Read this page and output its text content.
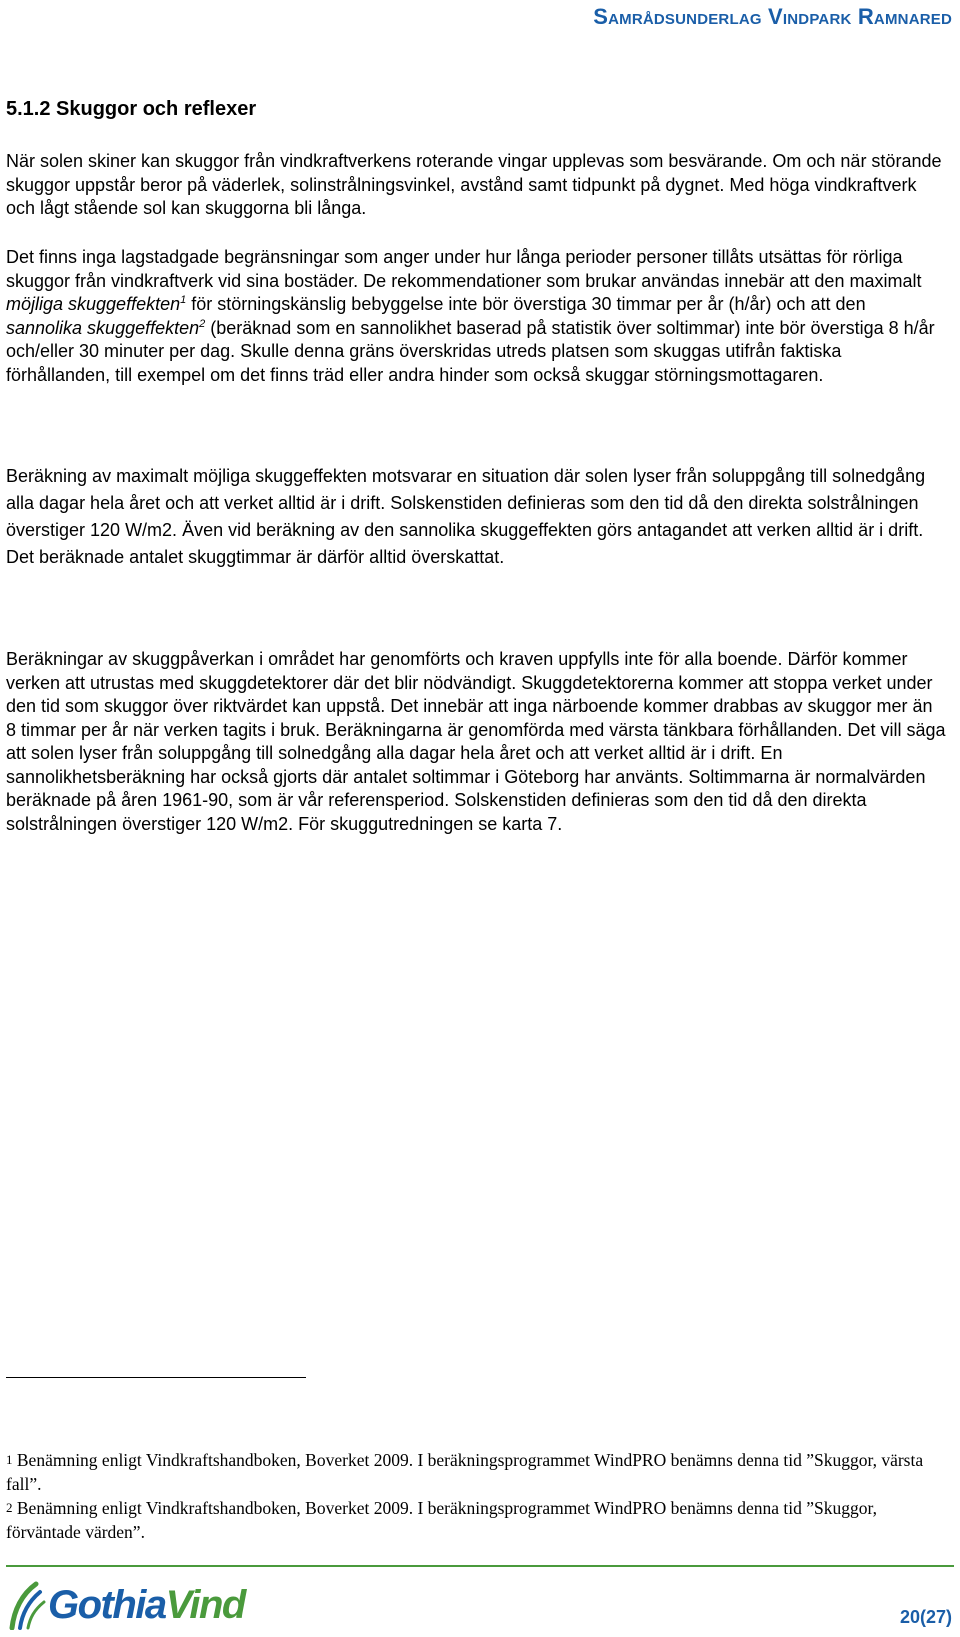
Samrådsunderlag Vindpark Ramnared
5.1.2 Skuggor och reflexer

När solen skiner kan skuggor från vindkraftverkens roterande vingar upplevas som besvärande. Om och när störande skuggor uppstår beror på väderlek, solinstrålningsvinkel, avstånd samt tidpunkt på dygnet. Med höga vindkraftverk och lågt stående sol kan skuggorna bli långa.

Det finns inga lagstadgade begränsningar som anger under hur långa perioder personer tillåts utsättas för rörliga skuggor från vindkraftverk vid sina bostäder. De rekommendationer som brukar användas innebär att den maximalt möjliga skuggeffekten$^1$ för störningskänslig bebyggelse inte bör överstiga 30 timmar per år (h/år) och att den sannolika skuggeffekten$^2$ (beräknad som en sannolikhet baserad på statistik över soltimmar) inte bör överstiga 8 h/år och/eller 30 minuter per dag. Skulle denna gräns överskridas utreds platsen som skuggas utifrån faktiska förhållanden, till exempel om det finns träd eller andra hinder som också skuggar störningsmottagaren.

Beräkning av maximalt möjliga skuggeffekten motsvarar en situation där solen lyser från soluppgång till solnedgång alla dagar hela året och att verket alltid är i drift. Solskenstiden definieras som den tid då den direkta solstrålningen överstiger 120 W/m2. Även vid beräkning av den sannolika skuggeffekten görs antagandet att verken alltid är i drift. Det beräknade antalet skuggtimmar är därför alltid överskattat.

Beräkningar av skuggpåverkan i området har genomförts och kraven uppfylls inte för alla boende. Därför kommer verken att utrustas med skuggdetektorer där det blir nödvändigt. Skuggdetektorerna kommer att stoppa verket under den tid som skuggor över riktvärdet kan uppstå. Det innebär att inga närboende kommer drabbas av skuggor mer än 8 timmar per år när verken tagits i bruk. Beräkningarna är genomförda med värsta tänkbara förhållanden. Det vill säga att solen lyser från soluppgång till solnedgång alla dagar hela året och att verket alltid är i drift. En sannolikhetsberäkning har också gjorts där antalet soltimmar i Göteborg har använts. Soltimmarna är normalvärden beräknade på åren 1961-90, som är vår referensperiod. Solskenstiden definieras som den tid då den direkta solstrålningen överstiger 120 W/m2. För skuggutredningen se karta 7.

1 Benämning enligt Vindkraftshandboken, Boverket 2009. I beräkningsprogrammet WindPRO benämns denna tid ”Skuggor, värsta fall”.

2 Benämning enligt Vindkraftshandboken, Boverket 2009. I beräkningsprogrammet WindPRO benämns denna tid ”Skuggor, förväntade värden”.

GothiaVind	20(27)
